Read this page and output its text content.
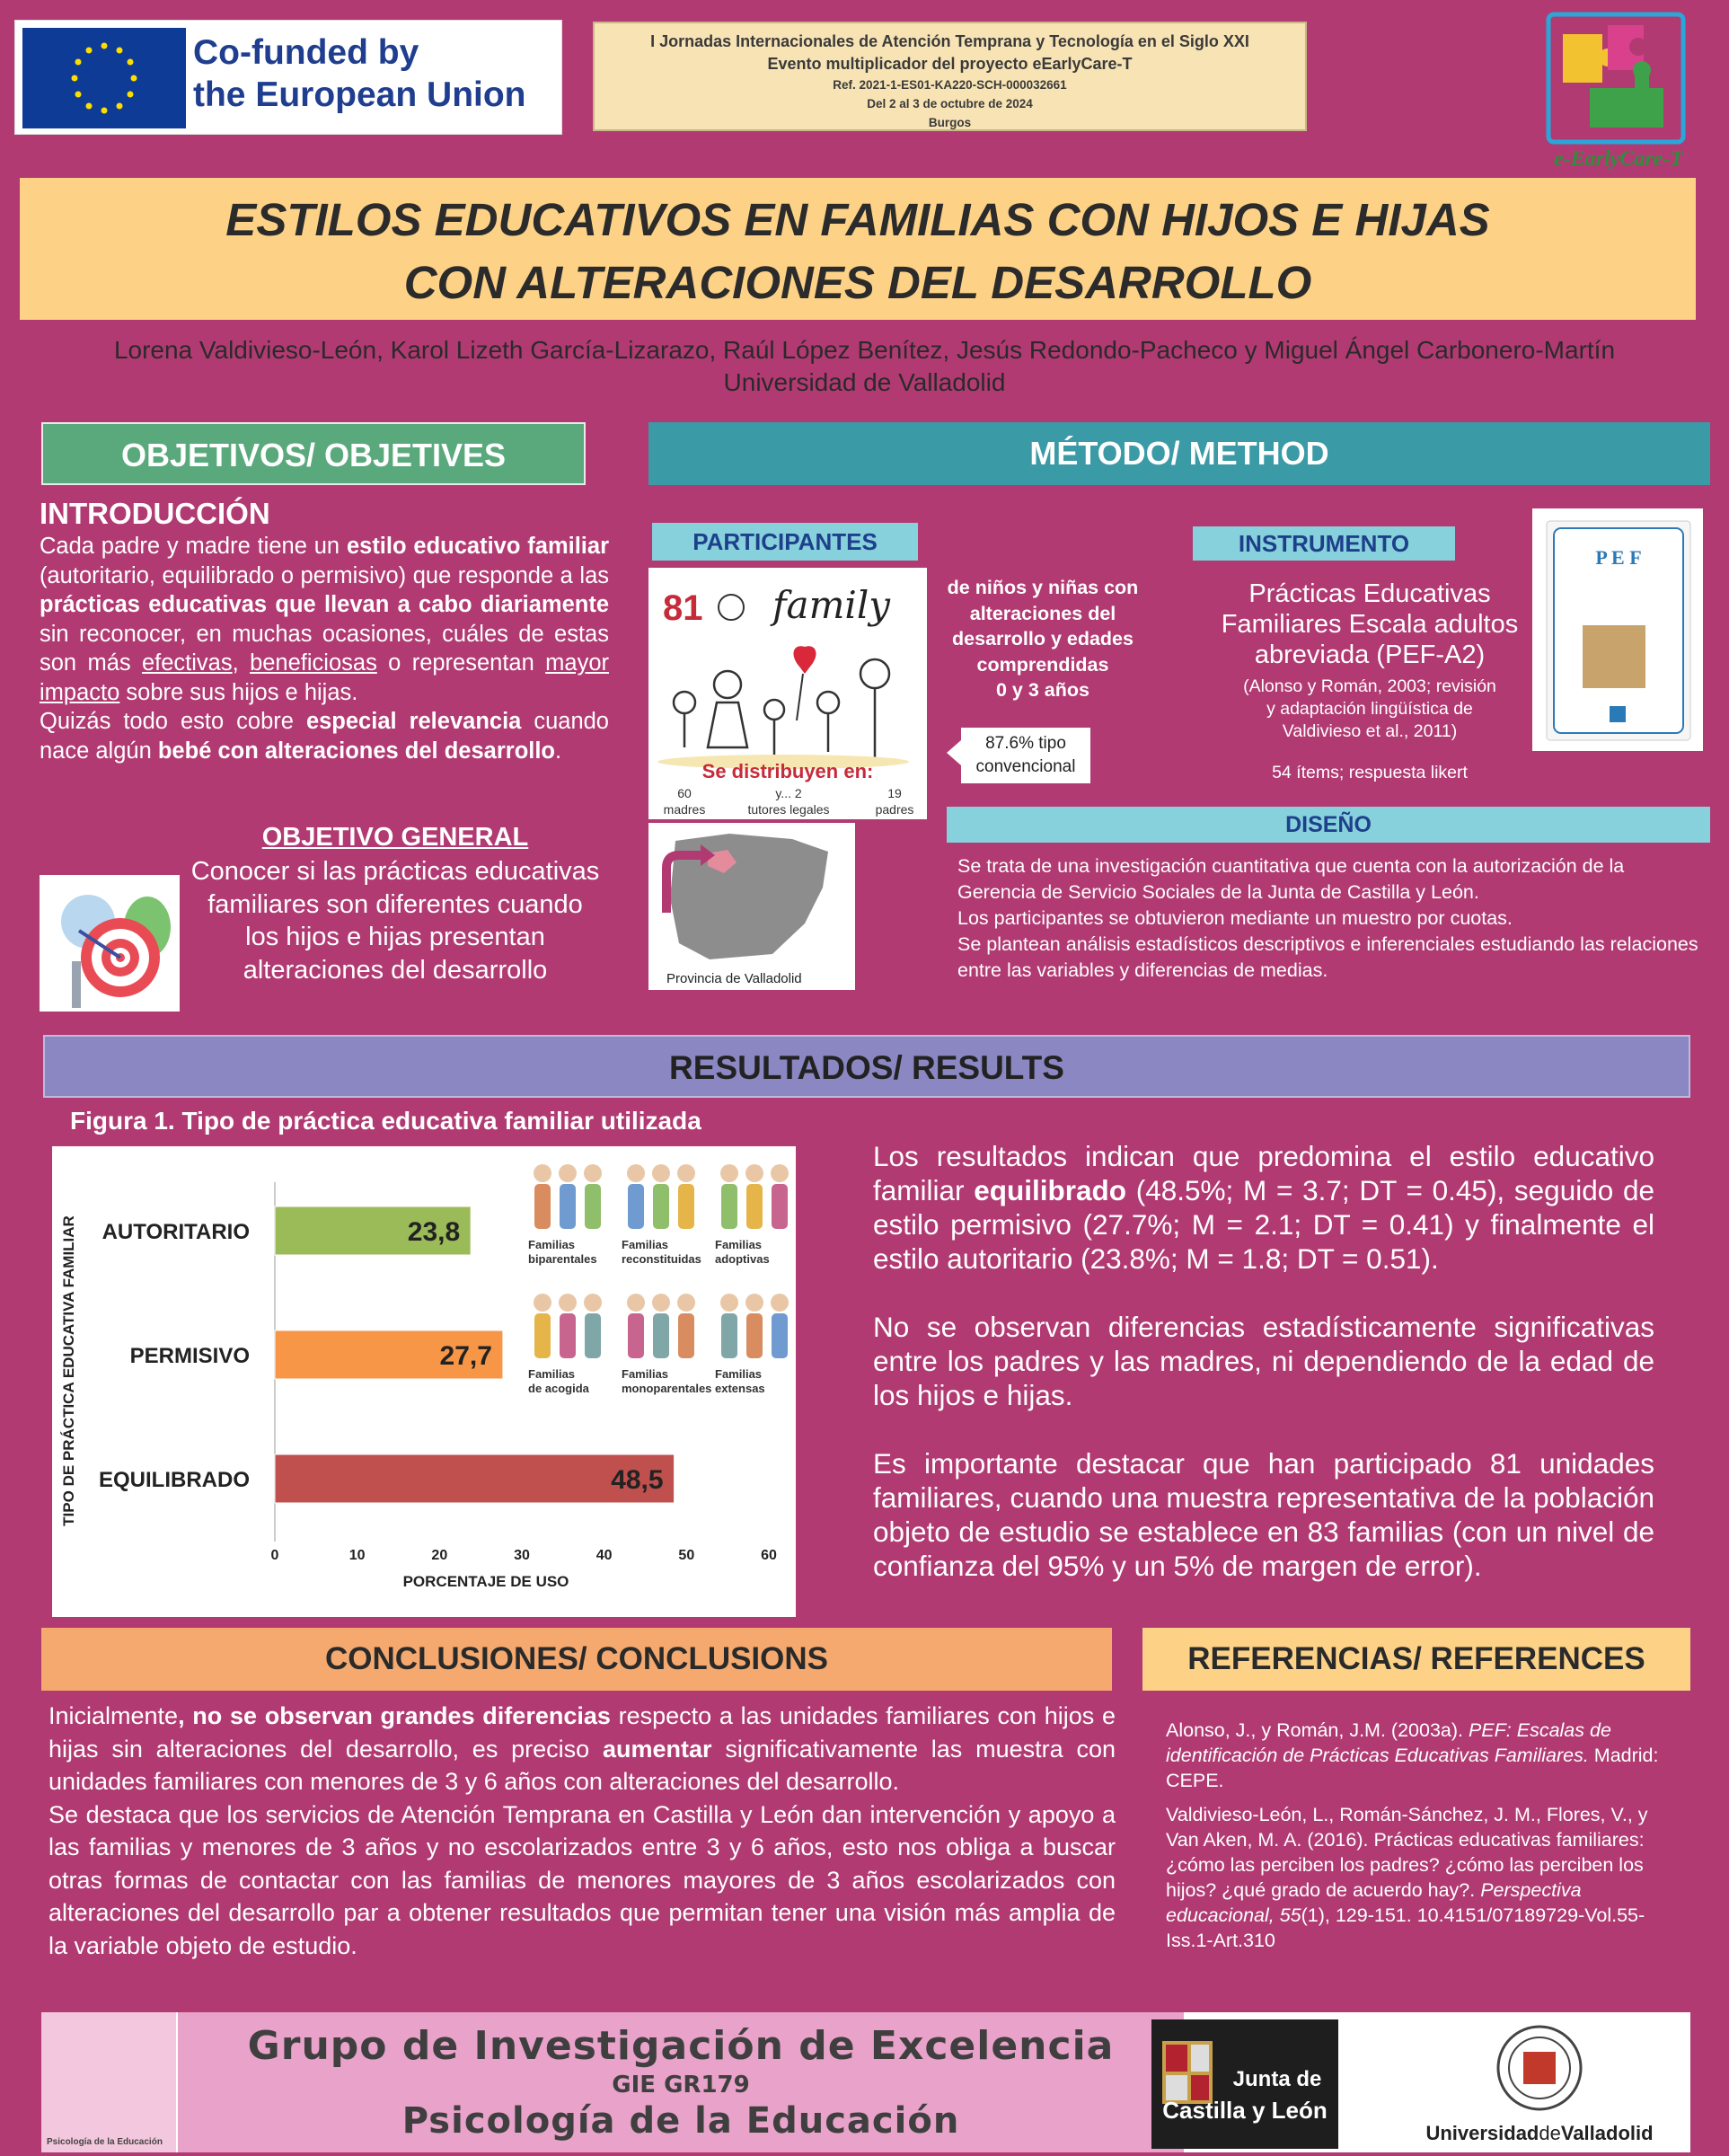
Co-funded by
the European Union
I Jornadas Internacionales de Atención Temprana y Tecnología en el Siglo XXI
Evento multiplicador del proyecto eEarlyCare-T
Ref. 2021-1-ES01-KA220-SCH-000032661
Del 2 al 3 de octubre de 2024
Burgos
e-EarlyCare-T
ESTILOS EDUCATIVOS EN FAMILIAS CON HIJOS E HIJAS
CON ALTERACIONES DEL DESARROLLO
Lorena Valdivieso-León, Karol Lizeth García-Lizarazo, Raúl López Benítez, Jesús Redondo-Pacheco y Miguel Ángel Carbonero-Martín
Universidad de Valladolid
OBJETIVOS/ OBJETIVES
INTRODUCCIÓN
Cada padre y madre tiene un estilo educativo familiar (autoritario, equilibrado o permisivo) que responde a las prácticas educativas que llevan a cabo diariamente sin reconocer, en muchas ocasiones, cuáles de estas son más efectivas, beneficiosas o representan mayor impacto sobre sus hijos e hijas.
Quizás todo esto cobre especial relevancia cuando nace algún bebé con alteraciones del desarrollo.
OBJETIVO GENERAL
Conocer si las prácticas educativas familiares son diferentes cuando los hijos e hijas presentan alteraciones del desarrollo
MÉTODO/ METHOD
PARTICIPANTES
81 family
Se distribuyen en:
60
madres
y... 2
tutores legales
19
padres
de niños y niñas con
alteraciones del
desarrollo y edades
comprendidas
0 y 3 años
87.6% tipo
convencional
Provincia de Valladolid
INSTRUMENTO
Prácticas Educativas
Familiares Escala adultos
abreviada (PEF-A2)
(Alonso y Román, 2003; revisión
y adaptación lingüística de
Valdivieso et al., 2011)
54 ítems; respuesta likert
P E F
DISEÑO
Se trata de una investigación cuantitativa que cuenta con la autorización de la Gerencia de Servicio Sociales de la Junta de Castilla y León.
Los participantes se obtuvieron mediante un muestro por cuotas.
Se plantean análisis estadísticos descriptivos e inferenciales estudiando las relaciones entre las variables y diferencias de medias.
RESULTADOS/ RESULTS
Figura 1. Tipo de práctica educativa familiar utilizada
TIPO DE PRÁCTICA EDUCATIVA FAMILIAR AUTORITARIO	23,8
PERMISIVO	27,7
EQUILIBRADO	48,5
0	10	20	30	40	50	60
PORCENTAJE DE USO
Familias
biparentales
Familias
reconstituidas
Familias
adoptivas
Familias
de acogida
Familias
monoparentales
Familias
extensas

Los resultados indican que predomina el estilo educativo familiar equilibrado (48.5%; M = 3.7; DT = 0.45), seguido de estilo permisivo (27.7%; M = 2.1; DT = 0.41) y finalmente el estilo autoritario (23.8%; M = 1.8; DT = 0.51).

No se observan diferencias estadísticamente significativas entre los padres y las madres, ni dependiendo de la edad de los hijos e hijas.

Es importante destacar que han participado 81 unidades familiares, cuando una muestra representativa de la población objeto de estudio se establece en 83 familias (con un nivel de confianza del 95% y un 5% de margen de error).

CONCLUSIONES/ CONCLUSIONS
Inicialmente, no se observan grandes diferencias respecto a las unidades familiares con hijos e hijas sin alteraciones del desarrollo, es preciso aumentar significativamente las muestra con unidades familiares con menores de 3 y 6 años con alteraciones del desarrollo.
Se destaca que los servicios de Atención Temprana en Castilla y León dan intervención y apoyo a las familias y menores de 3 años y no escolarizados entre 3 y 6 años, esto nos obliga a buscar otras formas de contactar con las familias de menores mayores de 3 años escolarizados con alteraciones del desarrollo par a obtener resultados que permitan tener una visión más amplia de la variable objeto de estudio.
REFERENCIAS/ REFERENCES

Alonso, J., y Román, J.M. (2003a). PEF: Escalas de identificación de Prácticas Educativas Familiares. Madrid: CEPE.

Valdivieso-León, L., Román-Sánchez, J. M., Flores, V., y Van Aken, M. A. (2016). Prácticas educativas familiares: ¿cómo las perciben los padres? ¿cómo las perciben los hijos? ¿qué grado de acuerdo hay?. Perspectiva educacional, 55(1), 129-151. 10.4151/07189729-Vol.55-Iss.1-Art.310

Psicología de la Educación
Grupo de Investigación de Excelencia
GIE GR179
Psicología de la Educación
Junta de
Castilla y León
UniversidaddeValladolid
